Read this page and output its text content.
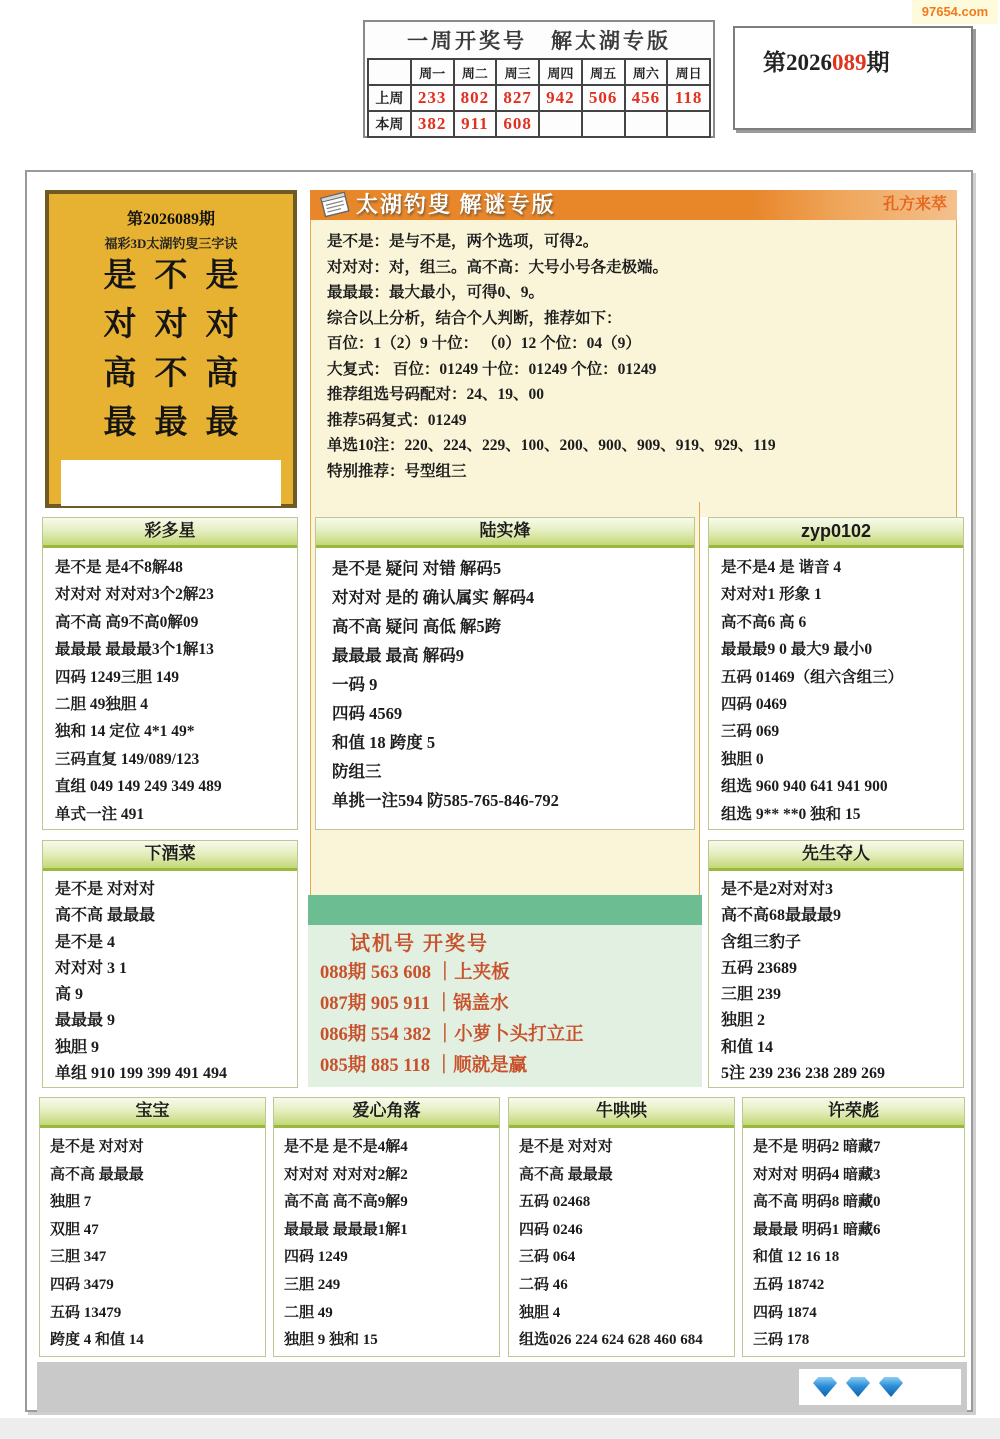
97654.com
一周开奖号　解太湖专版
	周一	周二	周三	周四	周五	周六	周日
上周	233	802	827	942	506	456	118
本周	382	911	608				
第2026089期
第2026089期
福彩3D太湖钓叟三字诀
是不是
对对对
高不高
最最最
太湖钓叟 解谜专版	孔方来萃
是不是：是与不是，两个选项，可得2。
对对对：对，组三。高不高：大号小号各走极端。
最最最：最大最小，可得0、9。
综合以上分析，结合个人判断，推荐如下：
百位：1（2）9 十位： （0）12 个位：04（9）
大复式： 百位：01249 十位：01249 个位：01249
推荐组选号码配对：24、19、00
推荐5码复式：01249
单选10注：220、224、229、100、200、900、909、919、929、119
特别推荐：号型组三
彩多星
是不是 是4不8解48
对对对 对对对3个2解23
高不高 高9不高0解09
最最最 最最最3个1解13
四码 1249三胆 149
二胆 49独胆 4
独和 14 定位 4*1 49*
三码直复 149/089/123
直组 049 149 249 349 489
单式一注 491
陆实烽
是不是 疑问 对错 解码5
对对对 是的 确认属实 解码4
高不高 疑问 高低 解5跨
最最最 最高 解码9
一码 9
四码 4569
和值 18 跨度 5
防组三
单挑一注594 防585-765-846-792
zyp0102
是不是4 是 谐音 4
对对对1 形象 1
高不高6 高 6
最最最9 0 最大9 最小0
五码 01469（组六含组三）
四码 0469
三码 069
独胆 0
组选 960 940 641 941 900
组选 9** **0 独和 15
下酒菜
是不是 对对对
高不高 最最最
是不是 4
对对对 3 1
高 9
最最最 9
独胆 9
单组 910 199 399 491 494
先生夺人
是不是2对对对3
高不高68最最最9
含组三豹子
五码 23689
三胆 239
独胆 2
和值 14
5注 239 236 238 289 269
试机号 开奖号
088期 563 608 ｜上夹板
087期 905 911 ｜锅盖水
086期 554 382 ｜小萝卜头打立正
085期 885 118 ｜顺就是赢
宝宝
是不是 对对对
高不高 最最最
独胆 7
双胆 47
三胆 347
四码 3479
五码 13479
跨度 4 和值 14
爱心角落
是不是 是不是4解4
对对对 对对对2解2
高不高 高不高9解9
最最最 最最最1解1
四码 1249
三胆 249
二胆 49
独胆 9 独和 15
牛哄哄
是不是 对对对
高不高 最最最
五码 02468
四码 0246
三码 064
二码 46
独胆 4
组选026 224 624 628 460 684
许荣彪
是不是 明码2 暗藏7
对对对 明码4 暗藏3
高不高 明码8 暗藏0
最最最 明码1 暗藏6
和值 12 16 18
五码 18742
四码 1874
三码 178
